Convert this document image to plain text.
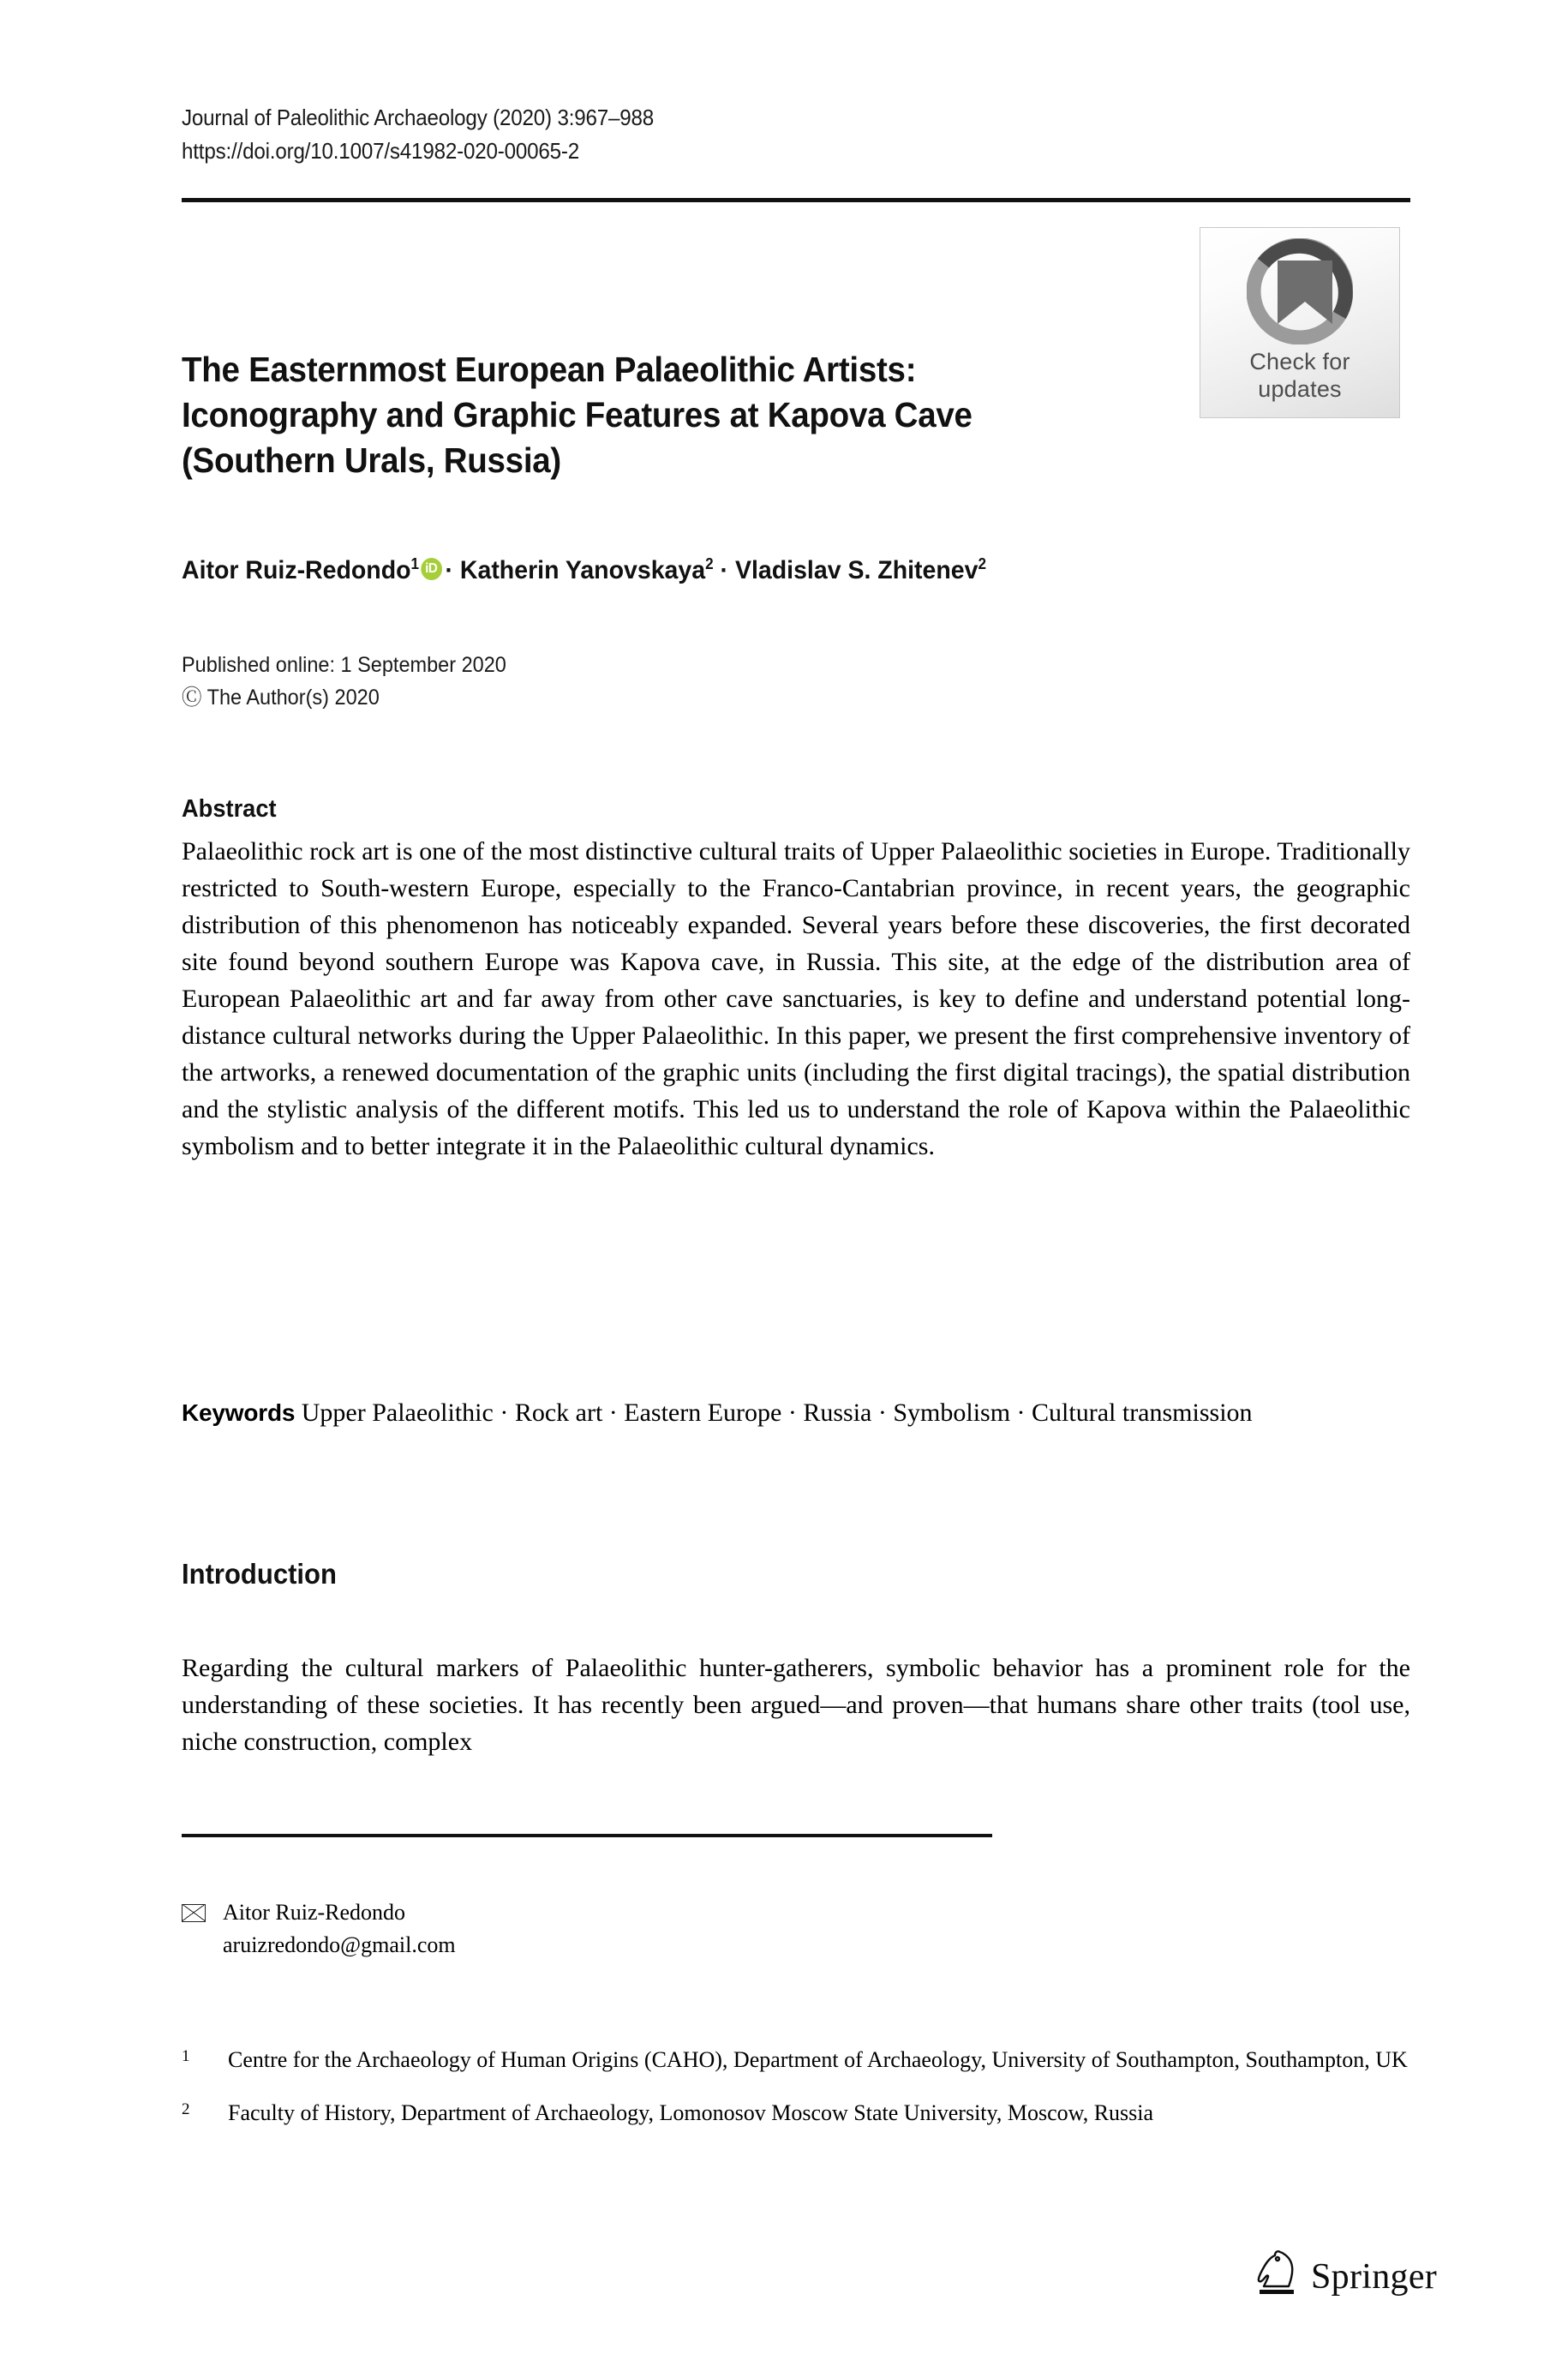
Journal of Paleolithic Archaeology (2020) 3:967–988
https://doi.org/10.1007/s41982-020-00065-2
Check for
updates
The Easternmost European Palaeolithic Artists:
Iconography and Graphic Features at Kapova Cave
(Southern Urals, Russia)
Aitor Ruiz-Redondo$^1$ iD · Katherin Yanovskaya$^2$ · Vladislav S. Zhitenev$^2$
Published online: 1 September 2020
Ⓒ The Author(s) 2020
Abstract
Palaeolithic rock art is one of the most distinctive cultural traits of Upper Palaeolithic societies in Europe. Traditionally restricted to South-western Europe, especially to the Franco-Cantabrian province, in recent years, the geographic distribution of this phenomenon has noticeably expanded. Several years before these discoveries, the first decorated site found beyond southern Europe was Kapova cave, in Russia. This site, at the edge of the distribution area of European Palaeolithic art and far away from other cave sanctuaries, is key to define and understand potential long-distance cultural networks during the Upper Palaeolithic. In this paper, we present the first comprehensive inventory of the artworks, a renewed documentation of the graphic units (including the first digital tracings), the spatial distribution and the stylistic analysis of the different motifs. This led us to understand the role of Kapova within the Palaeolithic symbolism and to better integrate it in the Palaeolithic cultural dynamics.
Keywords Upper Palaeolithic · Rock art · Eastern Europe · Russia · Symbolism · Cultural transmission
Introduction
Regarding the cultural markers of Palaeolithic hunter-gatherers, symbolic behavior has a prominent role for the understanding of these societies. It has recently been argued—and proven—that humans share other traits (tool use, niche construction, complex
Aitor Ruiz-Redondo
aruizredondo@gmail.com
1	Centre for the Archaeology of Human Origins (CAHO), Department of Archaeology, University of Southampton, Southampton, UK
2	Faculty of History, Department of Archaeology, Lomonosov Moscow State University, Moscow, Russia
Springer
